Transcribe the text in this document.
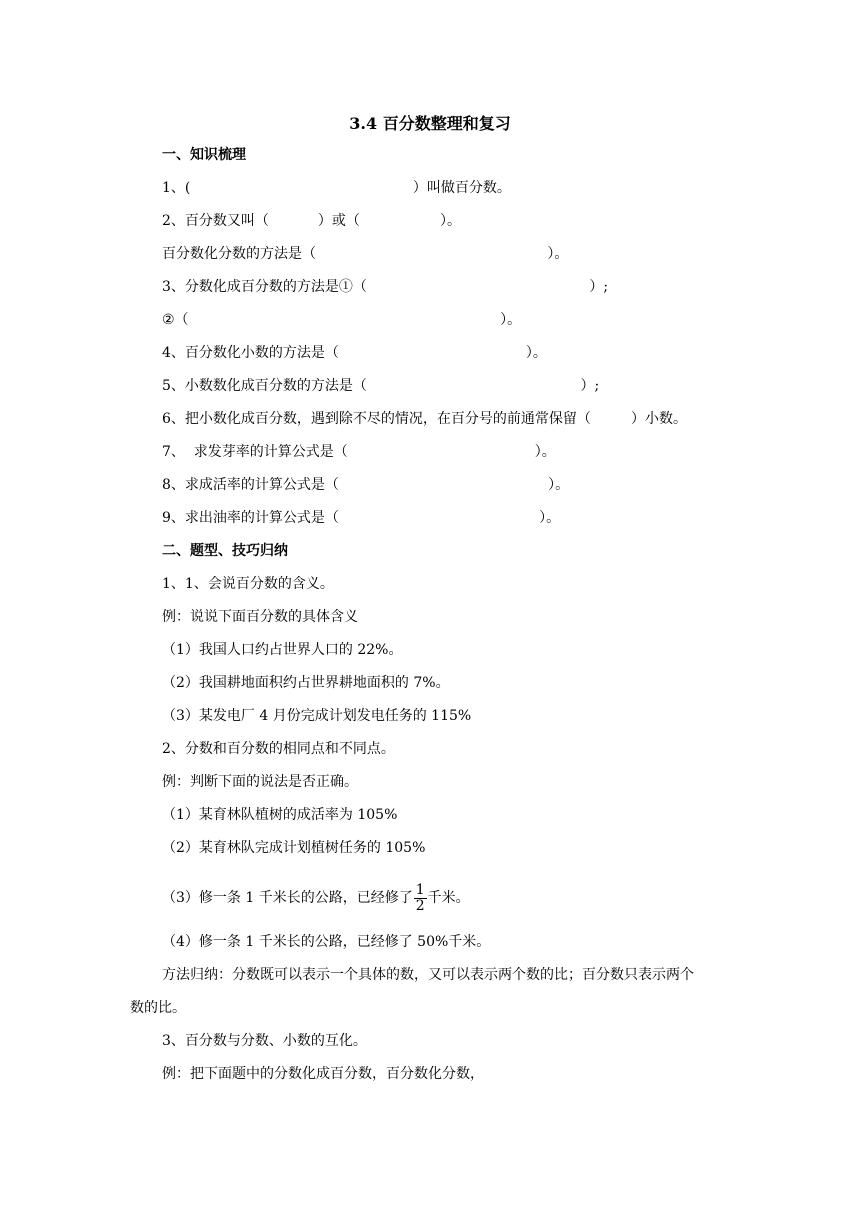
3.4 百分数整理和复习
一、知识梳理
1、(                                                  ）叫做百分数。
2、百分数又叫（           ）或（                  ）。
百分数化分数的方法是（                                                    ）。
3、分数化成百分数的方法是①（                                                  ）;
②（                                                                      ）。
4、百分数化小数的方法是（                                          ）。
5、小数数化成百分数的方法是（                                                ）;
6、把小数化成百分数，遇到除不尽的情况，在百分号的前通常保留（         ）小数。
7、  求发芽率的计算公式是（                                          ）。
8、求成活率的计算公式是（                                               ）。
9、求出油率的计算公式是（                                             ）。
二、题型、技巧归纳
1、1、会说百分数的含义。
例：说说下面百分数的具体含义
（1）我国人口约占世界人口的 22%。
（2）我国耕地面积约占世界耕地面积的 7%。
（3）某发电厂 4 月份完成计划发电任务的 115%
2、分数和百分数的相同点和不同点。
例：判断下面的说法是否正确。
（1）某育林队植树的成活率为 105%
（2）某育林队完成计划植树任务的 105%
（3）修一条 1 千米长的公路，已经修了 $\frac{1}{2}$ 千米。
（4）修一条 1 千米长的公路，已经修了 50%千米。
方法归纳：分数既可以表示一个具体的数，又可以表示两个数的比；百分数只表示两个
数的比。
3、百分数与分数、小数的互化。
例：把下面题中的分数化成百分数，百分数化分数，
